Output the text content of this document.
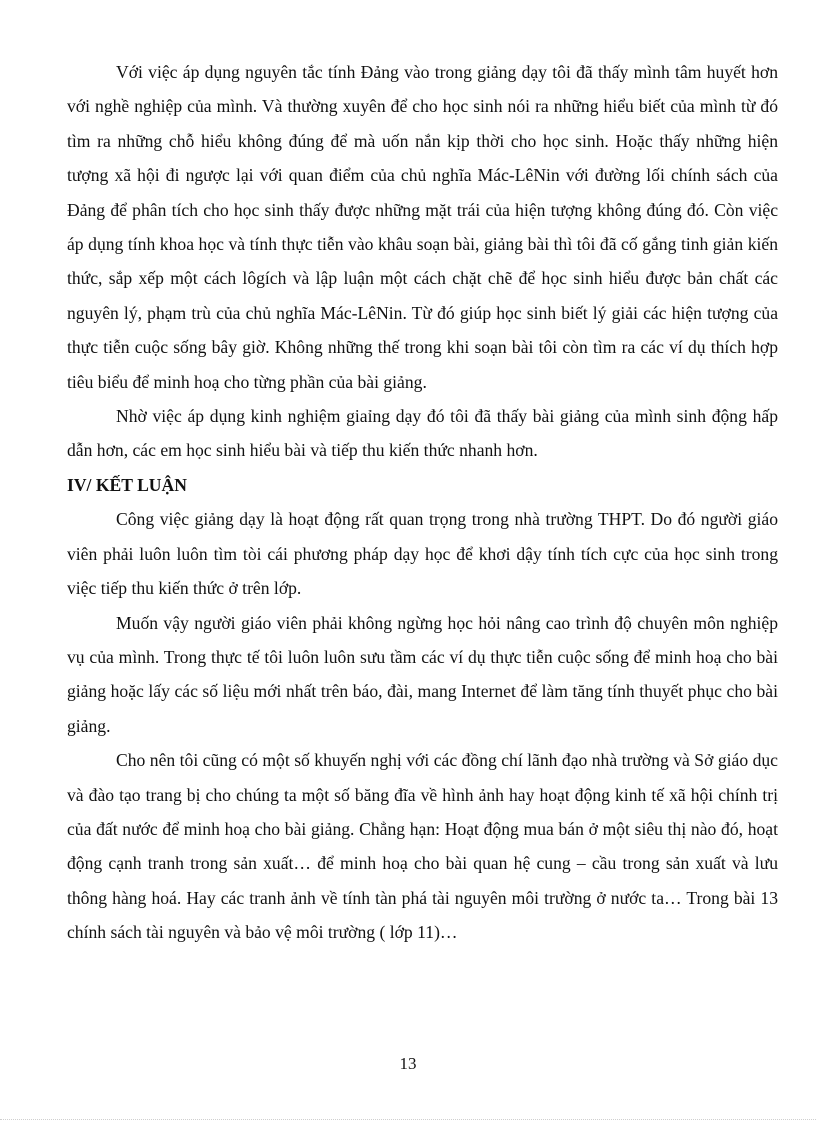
Với việc áp dụng nguyên tắc tính Đảng vào trong giảng dạy tôi đã thấy mình tâm huyết hơn với nghề nghiệp của mình. Và thường xuyên để cho học sinh nói ra những hiểu biết của mình từ đó tìm ra những chỗ hiểu không đúng để mà uốn nắn kịp thời cho học sinh. Hoặc thấy những hiện tượng xã hội đi ngược lại với quan điểm của chủ nghĩa Mác-LêNin với đường lối chính sách của Đảng để phân tích cho học sinh thấy được những mặt trái của hiện tượng không đúng đó. Còn việc áp dụng tính khoa học và tính thực tiễn vào khâu soạn bài, giảng bài thì tôi đã cố gắng tinh giản kiến thức, sắp xếp một cách lôgích và lập luận một cách chặt chẽ để học sinh hiểu được bản chất các nguyên lý, phạm trù của chủ nghĩa Mác-LêNin. Từ đó giúp học sinh biết lý giải các hiện tượng của thực tiễn cuộc sống bây giờ. Không những thế trong khi soạn bài tôi còn tìm ra các ví dụ thích hợp tiêu biểu để minh hoạ cho từng phần của bài giảng.

Nhờ việc áp dụng kinh nghiệm giaỉng dạy đó tôi đã thấy bài giảng của mình sinh động hấp dẫn hơn, các em học sinh hiểu bài và tiếp thu kiến thức nhanh hơn.

IV/ KẾT LUẬN

Công việc giảng dạy là hoạt động rất quan trọng trong nhà trường THPT. Do đó người giáo viên phải luôn luôn tìm tòi cái phương pháp dạy học để khơi dậy tính tích cực của học sinh trong việc tiếp thu kiến thức ở trên lớp.

Muốn vậy người giáo viên phải không ngừng học hỏi nâng cao trình độ chuyên môn nghiệp vụ của mình. Trong thực tế tôi luôn luôn sưu tầm các ví dụ thực tiễn cuộc sống để minh hoạ cho bài giảng hoặc lấy các số liệu mới nhất trên báo, đài, mang Internet để làm tăng tính thuyết phục cho bài giảng.

Cho nên tôi cũng có một số khuyến nghị với các đồng chí lãnh đạo nhà trường và Sở giáo dục và đào tạo trang bị cho chúng ta một số băng đĩa về hình ảnh hay hoạt động kinh tế xã hội chính trị của đất nước để minh hoạ cho bài giảng. Chẳng hạn: Hoạt động mua bán ở một siêu thị nào đó, hoạt động cạnh tranh trong sản xuất… để minh hoạ cho bài quan hệ cung – cầu trong sản xuất và lưu thông hàng hoá. Hay các tranh ảnh về tính tàn phá tài nguyên môi trường ở nước ta… Trong bài 13 chính sách tài nguyên và bảo vệ môi trường ( lớp 11)…

13
